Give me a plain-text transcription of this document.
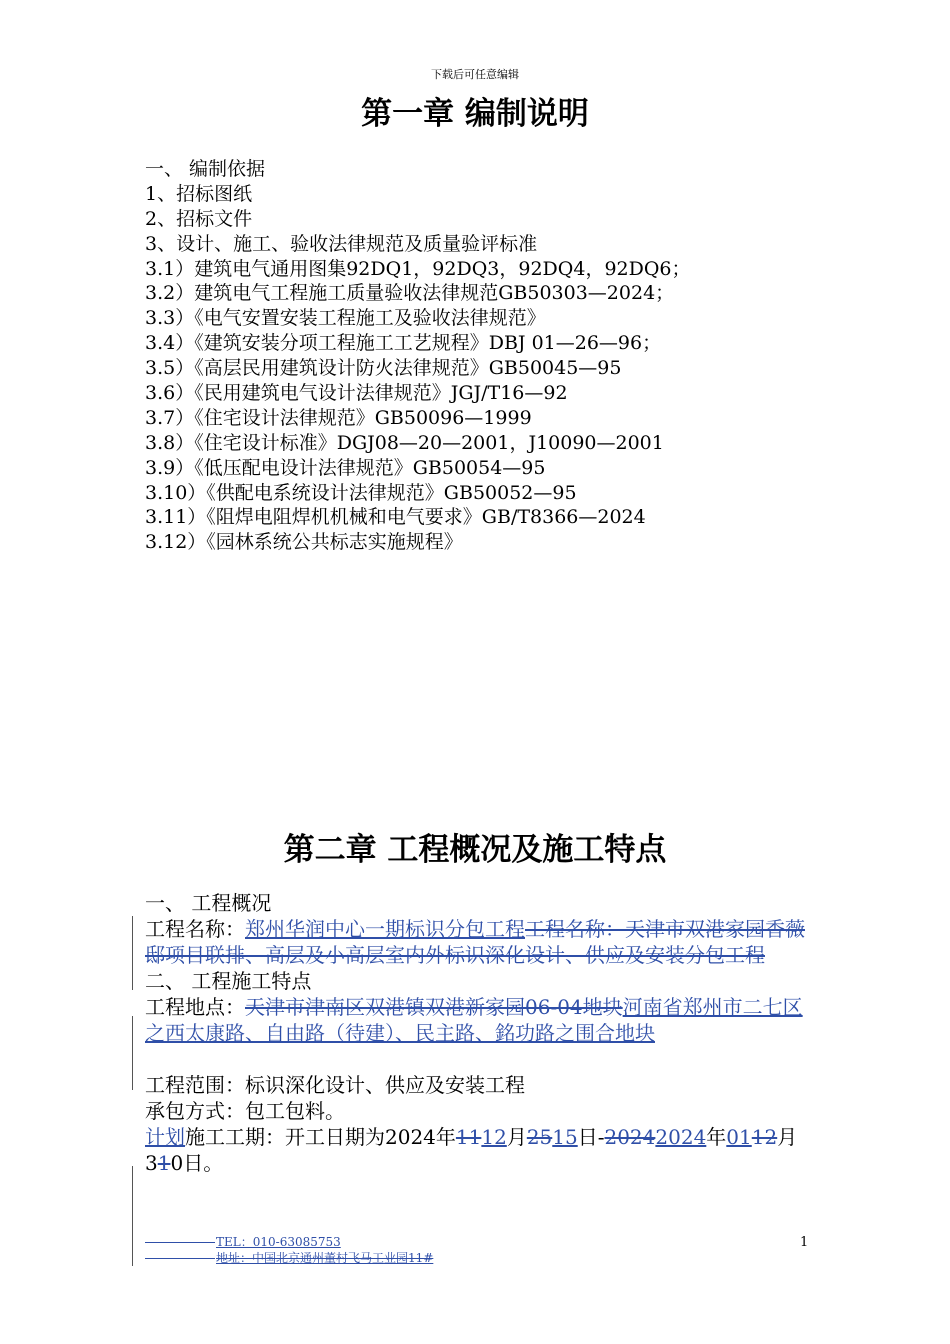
下载后可任意编辑
第一章 编制说明
一、 编制依据
1、招标图纸
2、招标文件
3、设计、施工、验收法律规范及质量验评标准
3.1）建筑电气通用图集92DQ1，92DQ3，92DQ4，92DQ6；
3.2）建筑电气工程施工质量验收法律规范GB50303—2024；
3.3）《电气安置安装工程施工及验收法律规范》
3.4）《建筑安装分项工程施工工艺规程》DBJ 01—26—96；
3.5）《高层民用建筑设计防火法律规范》GB50045—95
3.6）《民用建筑电气设计法律规范》JGJ/T16—92
3.7）《住宅设计法律规范》GB50096—1999
3.8）《住宅设计标准》DGJ08—20—2001，J10090—2001
3.9）《低压配电设计法律规范》GB50054—95
3.10）《供配电系统设计法律规范》GB50052—95
3.11）《阻焊电阻焊机机械和电气要求》GB/T8366—2024
3.12）《园林系统公共标志实施规程》
第二章 工程概况及施工特点
一、 工程概况
工程名称：郑州华润中心一期标识分包工程工程名称：天津市双港家园香薇邸项目联排、高层及小高层室内外标识深化设计、供应及安装分包工程
二、 工程施工特点
工程地点：天津市津南区双港镇双港新家园06-04地块河南省郑州市二七区之西太康路、自由路（待建）、民主路、銘功路之围合地块
工程范围：标识深化设计、供应及安装工程
承包方式：包工包料。
计划施工工期：开工日期为2024年1112月2515日-20242024年0112月310日。
TEL：010-63085753
地址：中国北京通州董村飞马工业园11#
1
